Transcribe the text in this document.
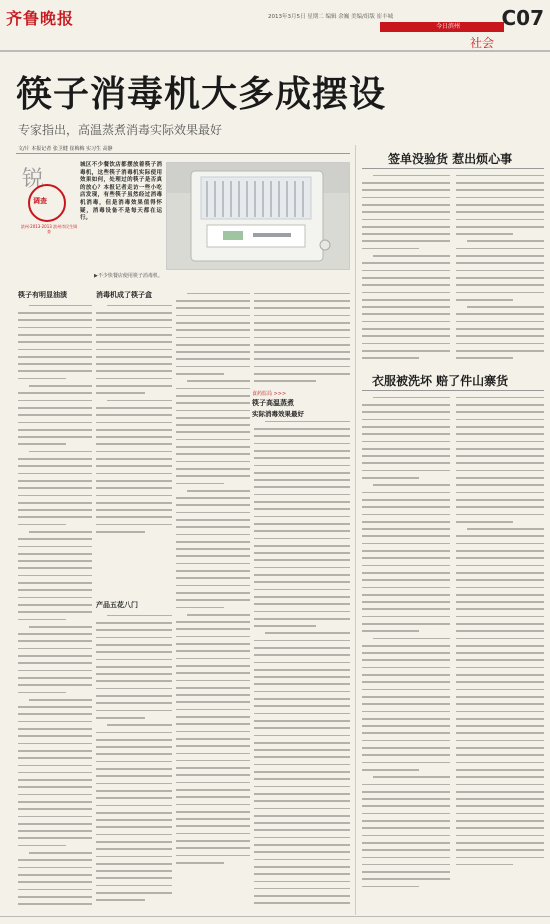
齐鲁晚报	2013年3月5日 星期二 编辑 余巍 美编/组版 崔丰城
今日滨州
社会
C07
筷子消毒机大多成摆设
专家指出，高温蒸煮消毒实际效果最好
文/片 本报记者 张卫健 崔梅梅 实习生 高静
锐
调查
滨州·2013·2013 滨州市民生调查
城区不少餐饮店都摆放着筷子消毒机，这些筷子消毒机实际使用效果如何，处理过的筷子是否真的放心？本报记者走访一些小吃店发现，有些筷子虽然经过消毒机消毒，但是消毒效果值得怀疑，消毒设备不是每天都在运行。
▶不少快餐店使用筷子消毒机。
筷子有明显油渍	消毒机成了筷子盒
产品五花八门
食药监局 >>>
筷子高温蒸煮
实际消毒效果最好
签单没验货 惹出烦心事
衣服被洗坏 赔了件山寨货
